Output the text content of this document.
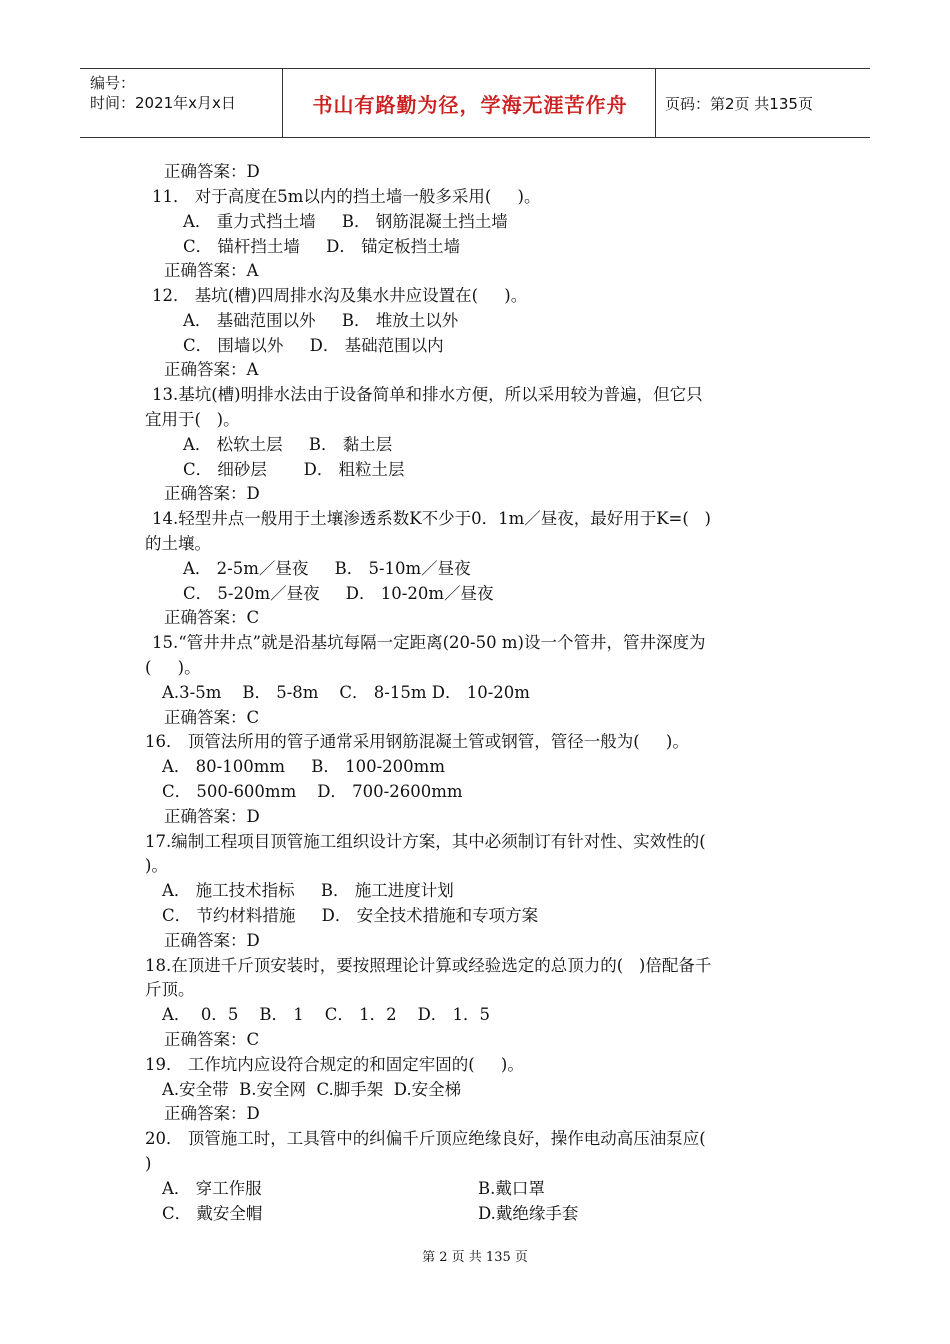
编号：
时间：2021年x月x日	书山有路勤为径，学海无涯苦作舟	页码：第2页 共135页
正确答案：D
11． 对于高度在5m以内的挡土墙一般多采用(     )。
A． 重力式挡土墙     B． 钢筋混凝土挡土墙
C． 锚杆挡土墙     D． 锚定板挡土墙
正确答案：A
12． 基坑(槽)四周排水沟及集水井应设置在(     )。
A． 基础范围以外     B． 堆放土以外
C． 围墙以外     D． 基础范围以内
正确答案：A
13.基坑(槽)明排水法由于设备简单和排水方便，所以采用较为普遍，但它只
宜用于(   )。
A． 松软土层     B． 黏土层
C． 细砂层       D． 粗粒土层
正确答案：D
14.轻型井点一般用于土壤渗透系数K不少于0．1m／昼夜，最好用于K=(   )
的土壤。
A． 2-5m／昼夜     B． 5-10m／昼夜
C． 5-20m／昼夜     D． 10-20m／昼夜
正确答案：C
15.“管井井点”就是沿基坑每隔一定距离(20-50 m)设一个管井，管井深度为
(     )。
A.3-5m    B． 5-8m    C． 8-15m D． 10-20m
正确答案：C
16． 顶管法所用的管子通常采用钢筋混凝土管或钢管，管径一般为(     )。
A． 80-100mm     B． 100-200mm
C． 500-600mm    D． 700-2600mm
正确答案：D
17.编制工程项目顶管施工组织设计方案，其中必须制订有针对性、实效性的(
)。
A． 施工技术指标     B． 施工进度计划
C． 节约材料措施     D． 安全技术措施和专项方案
正确答案：D
18.在顶进千斤顶安装时，要按照理论计算或经验选定的总顶力的(   )倍配备千
斤顶。
A．  0．5    B． 1    C． 1．2    D． 1．5
正确答案：C
19． 工作坑内应设符合规定的和固定牢固的(     )。
A.安全带  B.安全网  C.脚手架  D.安全梯
正确答案：D
20． 顶管施工时，工具管中的纠偏千斤顶应绝缘良好，操作电动高压油泵应(
)
A． 穿工作服	B.戴口罩
C． 戴安全帽	D.戴绝缘手套
第 2 页 共 135 页
